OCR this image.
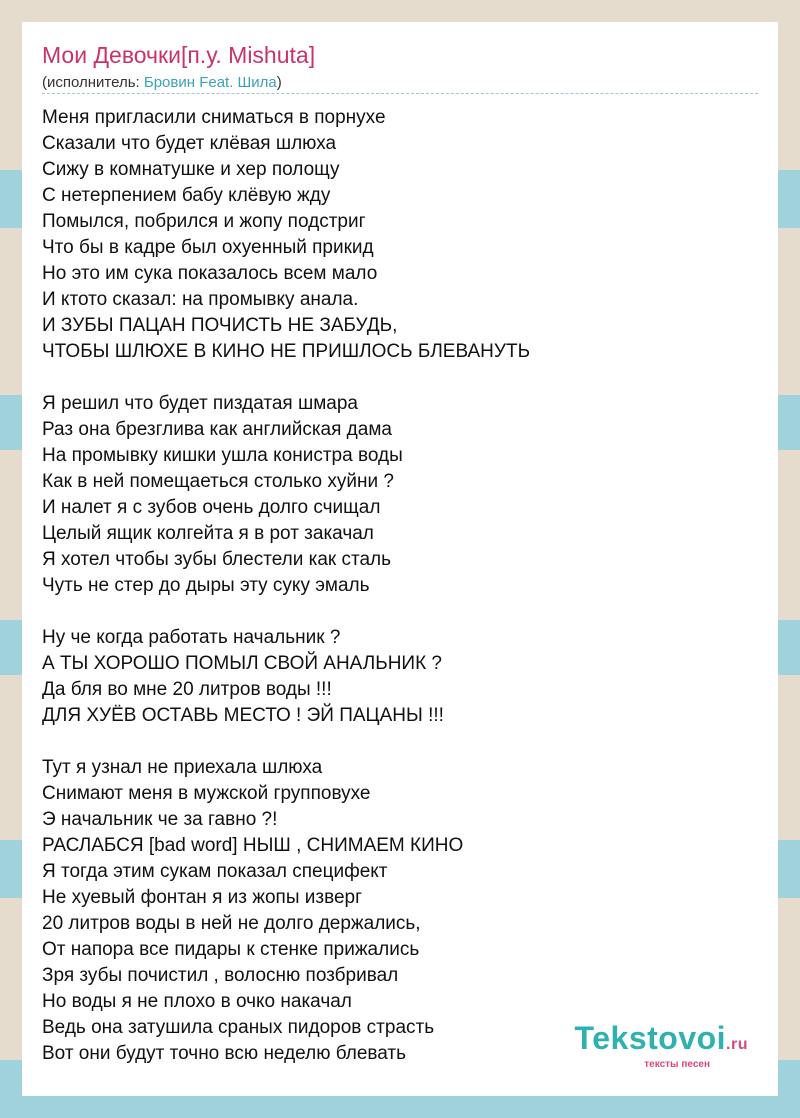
Мои Девочки[п.у. Mishuta]
(исполнитель: Бровин Feat. Шила)
Меня пригласили сниматься в порнухе
Сказали что будет клёвая шлюха
Сижу в комнатушке и хер полощу
С нетерпением бабу клёвую жду
Помылся, побрился и жопу подстриг
Что бы в кадре был охуенный прикид
Но это им сука показалось всем мало
И ктото сказал: на промывку анала.
И ЗУБЫ ПАЦАН ПОЧИСТЬ НЕ ЗАБУДЬ,
ЧТОБЫ ШЛЮХЕ В КИНО НЕ ПРИШЛОСЬ БЛЕВАНУТЬ

Я решил что будет пиздатая шмара
Раз она брезглива как английская дама
На промывку кишки ушла конистра воды
Как в ней помещаеться столько хуйни ?
И налет я с зубов очень долго счищал
Целый ящик колгейта я в рот закачал
Я хотел чтобы зубы блестели как сталь
Чуть не стер до дыры эту суку эмаль

Ну че когда работать начальник ?
А ТЫ ХОРОШО ПОМЫЛ СВОЙ АНАЛЬНИК ?
Да бля во мне 20 литров воды !!!
ДЛЯ ХУЁВ ОСТАВЬ МЕСТО ! ЭЙ ПАЦАНЫ !!!

Тут я узнал не приехала шлюха
Снимают меня в мужской групповухе
Э начальник че за гавно ?!
РАСЛАБСЯ [bad word] НЫШ , СНИМАЕМ КИНО
Я тогда этим сукам показал специфект
Не хуевый фонтан я из жопы изверг
20 литров воды в ней не долго держались,
От напора все пидары к стенке прижались
Зря зубы почистил , волосню позбривал
Но воды я не плохо в очко накачал
Ведь она затушила сраных пидоров страсть
Вот они будут точно всю неделю блевать	Tekstovoi.ru
тексты песен
